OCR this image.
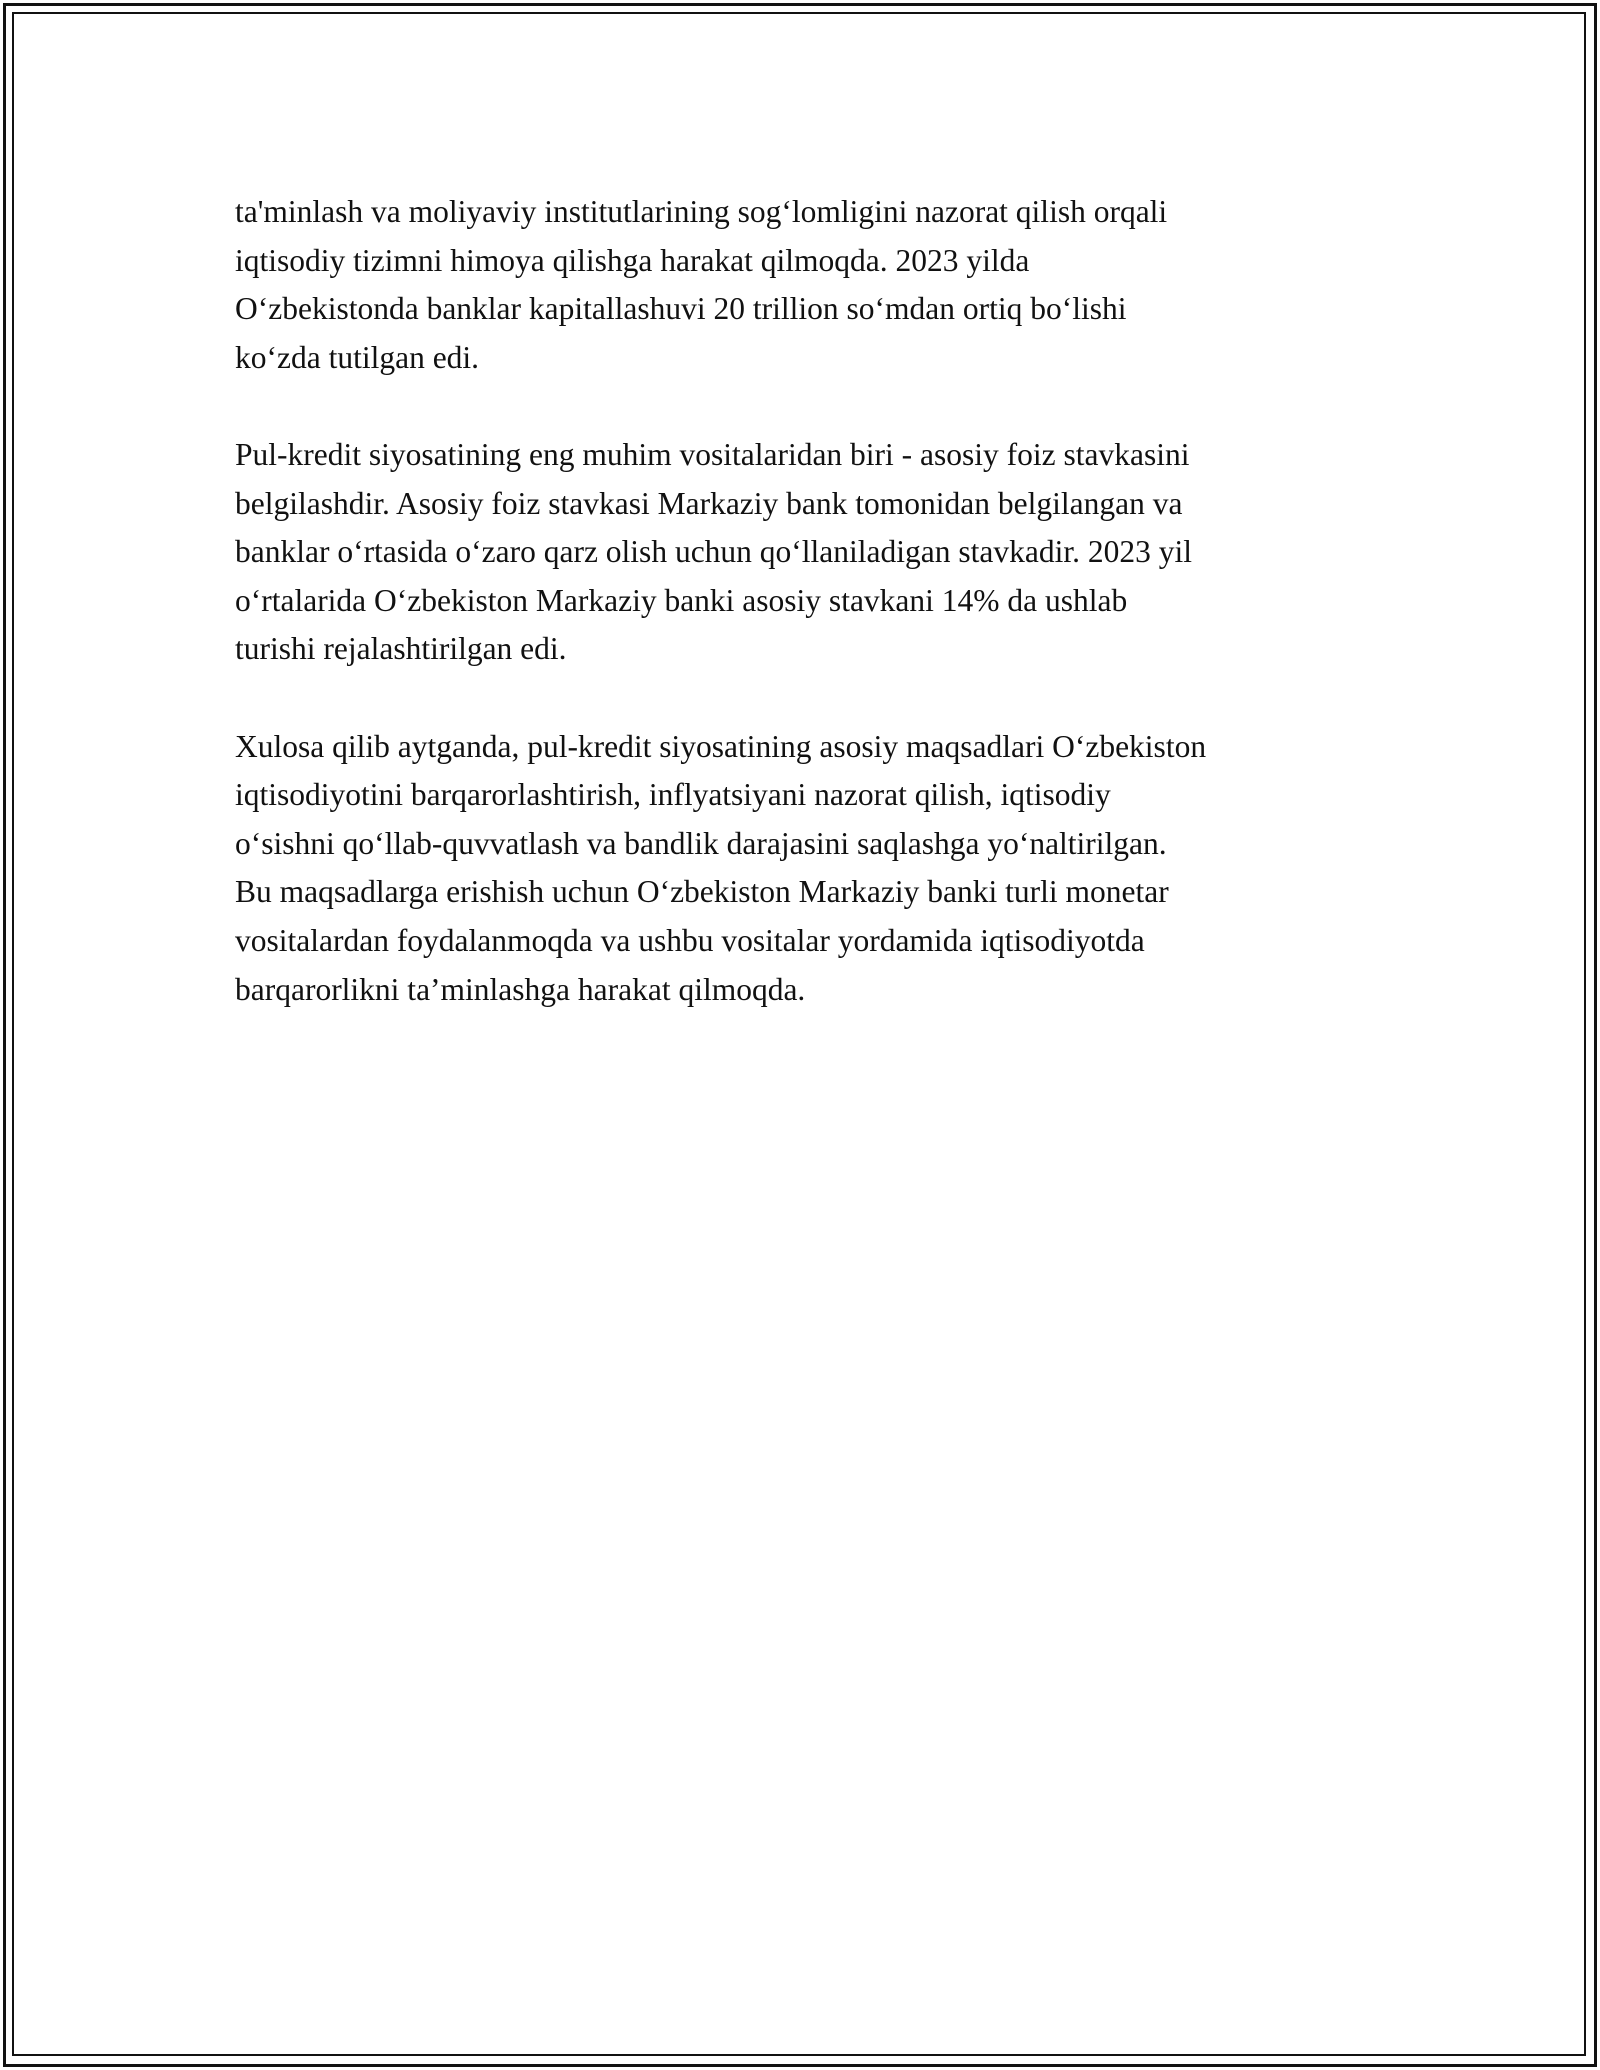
ta'minlash va moliyaviy institutlarining sog‘lomligini nazorat qilish orqali
iqtisodiy tizimni himoya qilishga harakat qilmoqda. 2023 yilda
O‘zbekistonda banklar kapitallashuvi 20 trillion so‘mdan ortiq bo‘lishi
ko‘zda tutilgan edi.

Pul-kredit siyosatining eng muhim vositalaridan biri - asosiy foiz stavkasini
belgilashdir. Asosiy foiz stavkasi Markaziy bank tomonidan belgilangan va
banklar o‘rtasida o‘zaro qarz olish uchun qo‘llaniladigan stavkadir. 2023 yil
o‘rtalarida O‘zbekiston Markaziy banki asosiy stavkani 14% da ushlab
turishi rejalashtirilgan edi.

Xulosa qilib aytganda, pul-kredit siyosatining asosiy maqsadlari O‘zbekiston
iqtisodiyotini barqarorlashtirish, inflyatsiyani nazorat qilish, iqtisodiy
o‘sishni qo‘llab-quvvatlash va bandlik darajasini saqlashga yo‘naltirilgan.
Bu maqsadlarga erishish uchun O‘zbekiston Markaziy banki turli monetar
vositalardan foydalanmoqda va ushbu vositalar yordamida iqtisodiyotda
barqarorlikni ta’minlashga harakat qilmoqda.
